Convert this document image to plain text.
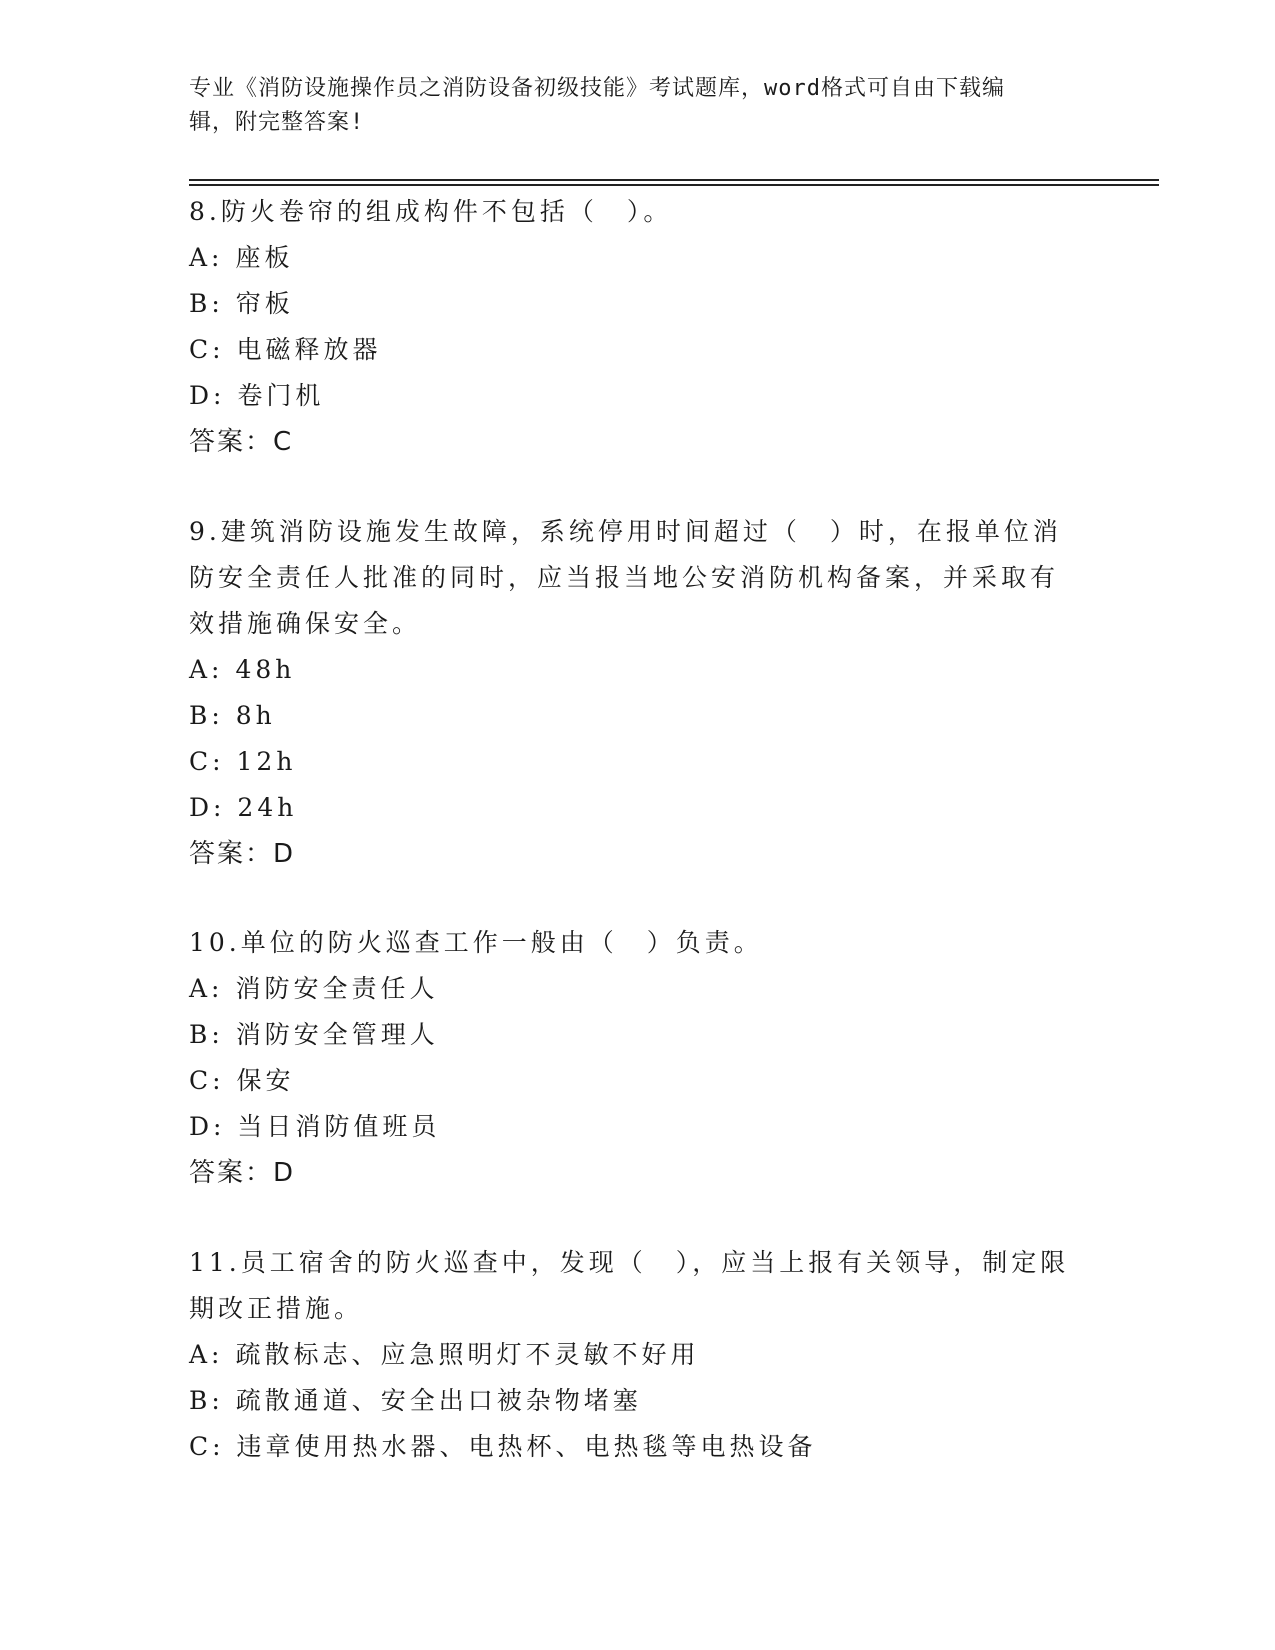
专业《消防设施操作员之消防设备初级技能》考试题库，word格式可自由下载编
辑，附完整答案!
8.防火卷帘的组成构件不包括（　）。
A: 座板
B: 帘板
C: 电磁释放器
D: 卷门机
答案：C
9.建筑消防设施发生故障，系统停用时间超过（　）时，在报单位消
防安全责任人批准的同时，应当报当地公安消防机构备案，并采取有
效措施确保安全。
A: 48h
B: 8h
C: 12h
D: 24h
答案：D
10.单位的防火巡查工作一般由（　）负责。
A: 消防安全责任人
B: 消防安全管理人
C: 保安
D: 当日消防值班员
答案：D
11.员工宿舍的防火巡查中，发现（　），应当上报有关领导，制定限
期改正措施。
A: 疏散标志、应急照明灯不灵敏不好用
B: 疏散通道、安全出口被杂物堵塞
C: 违章使用热水器、电热杯、电热毯等电热设备
